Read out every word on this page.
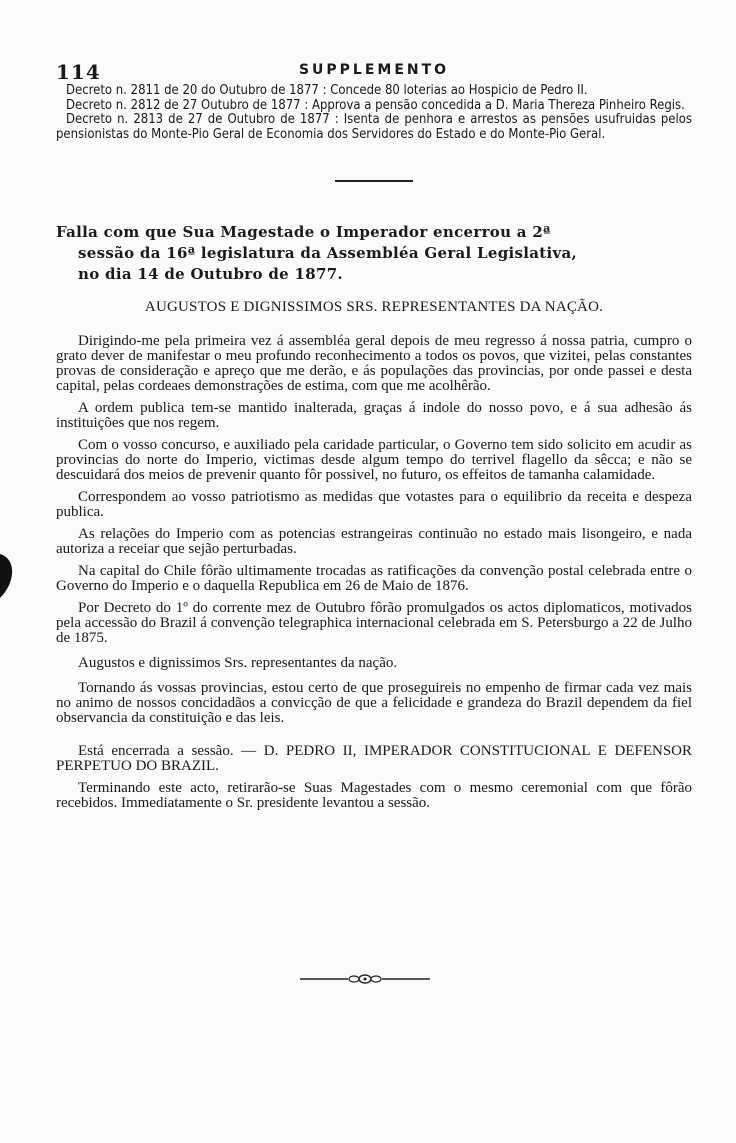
114	SUPPLEMENTO

Decreto n. 2811 de 20 do Outubro de 1877 : Concede 80 loterias ao Hospicio de Pedro II.

Decreto n. 2812 de 27 Outubro de 1877 : Approva a pensão concedida a D. Maria Thereza Pinheiro Regis.

Decreto n. 2813 de 27 de Outubro de 1877 : Isenta de penhora e arrestos as pensões usufruidas pelos pensionistas do Monte-Pio Geral de Economia dos Servidores do Estado e do Monte-Pio Geral.

Falla com que Sua Magestade o Imperador encerrou a 2ª
sessão da 16ª legislatura da Assembléa Geral Legislativa,
no dia 14 de Outubro de 1877.

AUGUSTOS E DIGNISSIMOS SRS. REPRESENTANTES DA NAÇÃO.

Dirigindo-me pela primeira vez á assembléa geral depois de meu regresso á nossa patria, cumpro o grato dever de manifestar o meu profundo reconhecimento a todos os povos, que vizitei, pelas constantes provas de consideração e apreço que me derão, e ás populações das provincias, por onde passei e desta capital, pelas cordeaes demonstrações de estima, com que me acolhêrão.

A ordem publica tem-se mantido inalterada, graças á indole do nosso povo, e á sua adhesão ás instituições que nos regem.

Com o vosso concurso, e auxiliado pela caridade particular, o Governo tem sido solicito em acudir as provincias do norte do Imperio, victimas desde algum tempo do terrivel flagello da sêcca; e não se descuidará dos meios de prevenir quanto fôr possivel, no futuro, os effeitos de tamanha calamidade.

Correspondem ao vosso patriotismo as medidas que votastes para o equilibrio da receita e despeza publica.

As relações do Imperio com as potencias estrangeiras continuão no estado mais lisongeiro, e nada autoriza a receiar que sejão perturbadas.

Na capital do Chile fôrão ultimamente trocadas as ratificações da convenção postal celebrada entre o Governo do Imperio e o daquella Republica em 26 de Maio de 1876.

Por Decreto do 1º do corrente mez de Outubro fôrão promulgados os actos diplomaticos, motivados pela accessão do Brazil á convenção telegraphica internacional celebrada em S. Petersburgo a 22 de Julho de 1875.

Augustos e dignissimos Srs. representantes da nação.

Tornando ás vossas provincias, estou certo de que proseguireis no empenho de firmar cada vez mais no animo de nossos concidadãos a convicção de que a felicidade e grandeza do Brazil dependem da fiel observancia da constituição e das leis.

Está encerrada a sessão. — D. PEDRO II, IMPERADOR CONSTITUCIONAL E DEFENSOR PERPETUO DO BRAZIL.

Terminando este acto, retirarão-se Suas Magestades com o mesmo ceremonial com que fôrão recebidos. Immediatamente o Sr. presidente levantou a sessão.
